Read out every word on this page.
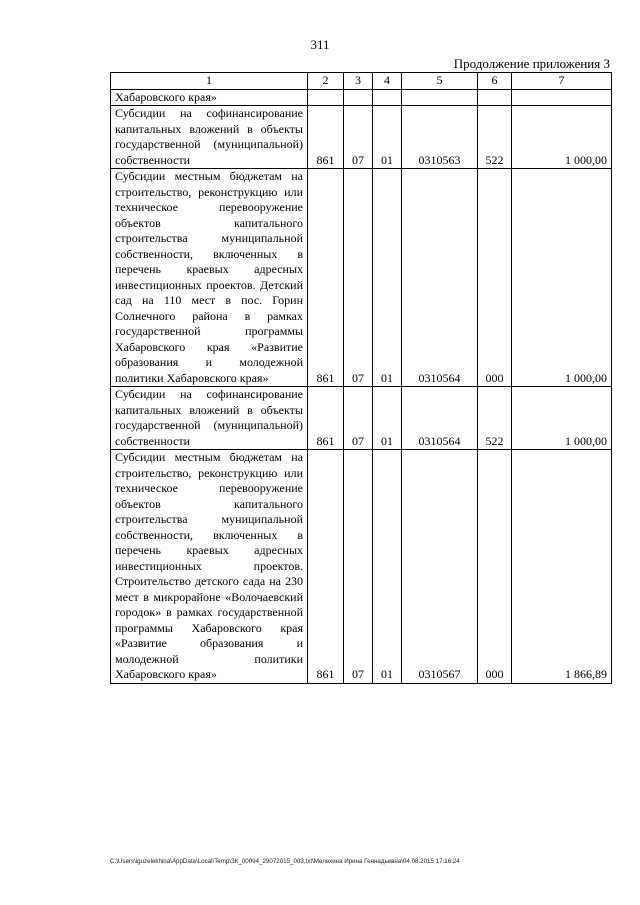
311
Продолжение приложения 3
1	2	3	4	5	6	7
Хабаровского края»						
Субсидии на софинансирование капитальных вложений в объекты государственной (муниципальной) собственности	861	07	01	0310563	522	1 000,00
Субсидии местным бюджетам на строительство, реконструкцию или техническое перевооружение объектов капитального строительства муниципальной собственности, включенных в перечень краевых адресных инвестиционных проектов. Детский сад на 110 мест в пос. Горин Солнечного района в рамках государственной программы Хабаровского края «Развитие образования и молодежной политики Хабаровского края»	861	07	01	0310564	000	1 000,00
Субсидии на софинансирование капитальных вложений в объекты государственной (муниципальной) собственности	861	07	01	0310564	522	1 000,00
Субсидии местным бюджетам на строительство, реконструкцию или техническое перевооружение объектов капитального строительства муниципальной собственности, включенных в перечень краевых адресных инвестиционных проектов. Строительство детского сада на 230 мест в микрорайоне «Волочаевский городок» в рамках государственной программы Хабаровского края «Развитие образования и молодежной политики Хабаровского края»	861	07	01	0310567	000	1 866,89
C:\Users\iguzelekhina\AppData\Local\Temp\ЗК_00094_29072015_003.txt\Мелехина Ирина Геннадьевна\04.08.2015 17:16:24
